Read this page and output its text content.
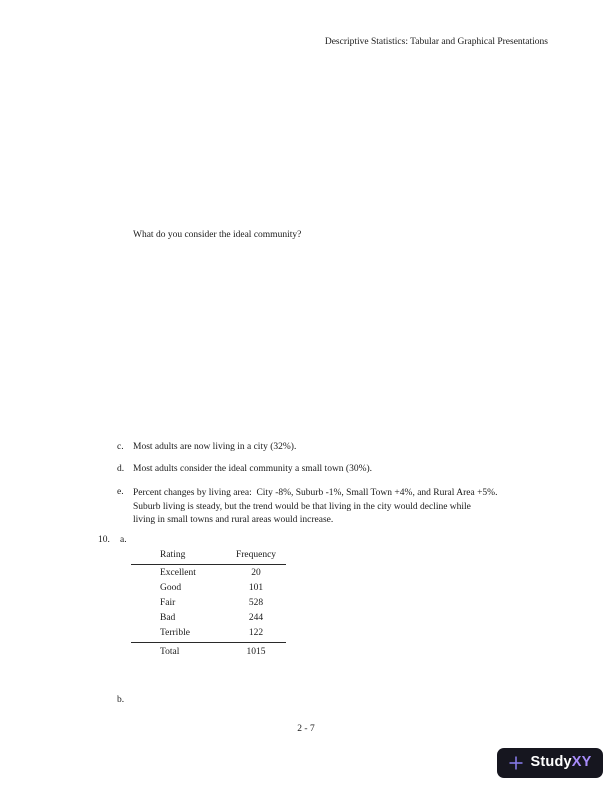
Descriptive Statistics: Tabular and Graphical Presentations
What do you consider the ideal community?
c. Most adults are now living in a city (32%).
d. Most adults consider the ideal community a small town (30%).
e. Percent changes by living area:  City -8%, Suburb -1%, Small Town +4%, and Rural Area +5%.
Suburb living is steady, but the trend would be that living in the city would decline while
living in small towns and rural areas would increase.
10. a.
Rating	Frequency
Excellent	20
Good	101
Fair	528
Bad	244
Terrible	122
Total	1015
b.
2 - 7
StudyXY
